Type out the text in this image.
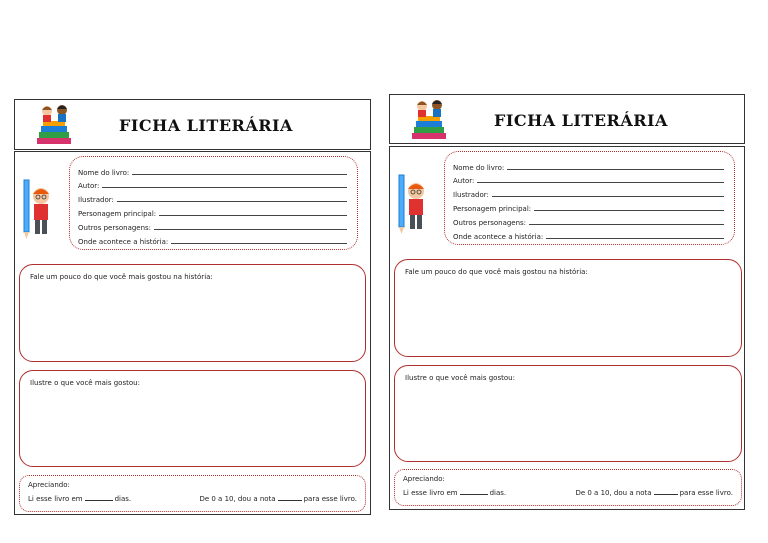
FICHA LITERÁRIA
Nome do livro:
Autor:
Ilustrador:
Personagem principal:
Outros personagens:
Onde acontece a história:
Fale um pouco do que você mais gostou na história:
Ilustre o que você mais gostou:
Apreciando:
Li esse livro em	dias.	De 0 a 10, dou a nota	para esse livro.
FICHA LITERÁRIA
Nome do livro:
Autor:
Ilustrador:
Personagem principal:
Outros personagens:
Onde acontece a história:
Fale um pouco do que você mais gostou na história:
Ilustre o que você mais gostou:
Apreciando:
Li esse livro em	dias.	De 0 a 10, dou a nota	para esse livro.
